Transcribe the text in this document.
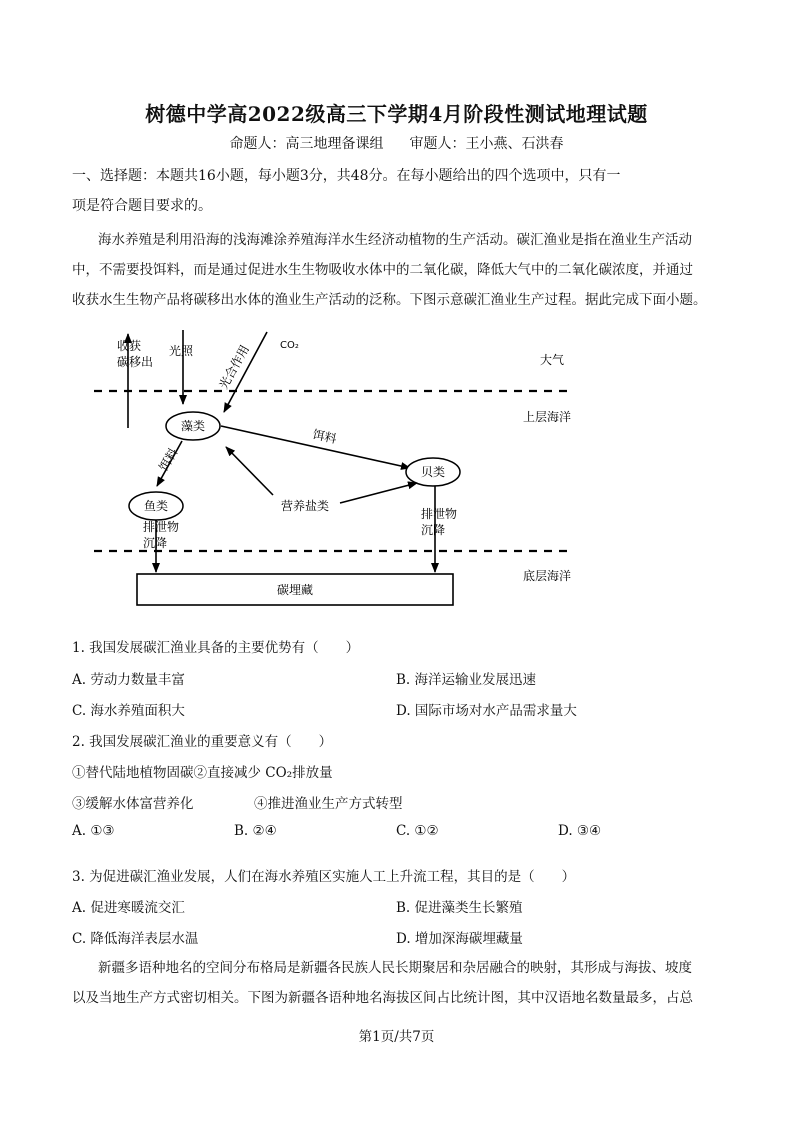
树德中学高2022级高三下学期4月阶段性测试地理试题
命题人：高三地理备课组 审题人：王小燕、石洪春
一、选择题：本题共16小题，每小题3分，共48分。在每小题给出的四个选项中，只有一
项是符合题目要求的。
海水养殖是利用沿海的浅海滩涂养殖海洋水生经济动植物的生产活动。碳汇渔业是指在渔业生产活动
中，不需要投饵料，而是通过促进水生生物吸收水体中的二氧化碳，降低大气中的二氧化碳浓度，并通过
收获水生生物产品将碳移出水体的渔业生产活动的泛称。下图示意碳汇渔业生产过程。据此完成下面小题。
收获
碳移出
光照 光合作用	CO₂
大气
上层海洋
底层海洋
藻类
饵料
饵料	贝类
鱼类	营养盐类
排泄物
沉降
排泄物
沉降
碳埋藏
1. 我国发展碳汇渔业具备的主要优势有（　　）
A. 劳动力数量丰富	B. 海洋运输业发展迅速
C. 海水养殖面积大	D. 国际市场对水产品需求量大
2. 我国发展碳汇渔业的重要意义有（　　）
①替代陆地植物固碳②直接减少 CO₂排放量
③缓解水体富营养化	④推进渔业生产方式转型
A. ①③	B. ②④	C. ①②	D. ③④
3. 为促进碳汇渔业发展，人们在海水养殖区实施人工上升流工程，其目的是（　　）
A. 促进寒暖流交汇	B. 促进藻类生长繁殖
C. 降低海洋表层水温	D. 增加深海碳埋藏量
新疆多语种地名的空间分布格局是新疆各民族人民长期聚居和杂居融合的映射，其形成与海拔、坡度
以及当地生产方式密切相关。下图为新疆各语种地名海拔区间占比统计图，其中汉语地名数量最多，占总
第1页/共7页
